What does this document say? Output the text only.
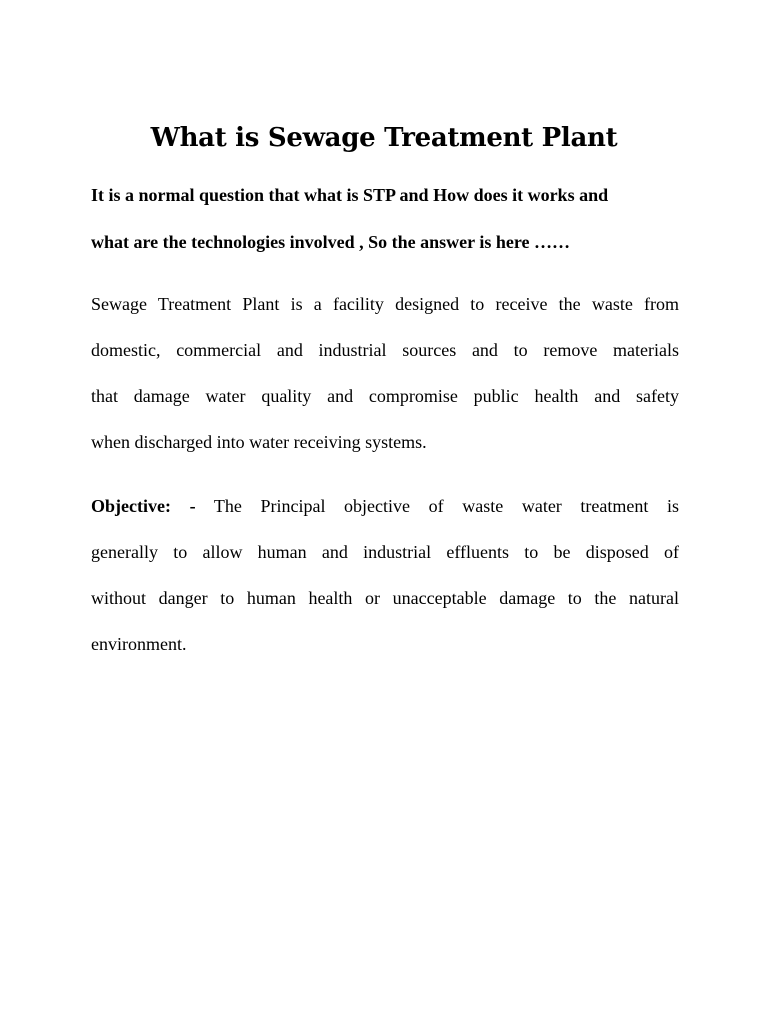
What is Sewage Treatment Plant

It is a normal question that what is STP and How does it works and
what are the technologies involved , So the answer is here ……

Sewage Treatment Plant is a facility designed to receive the waste from
domestic, commercial and industrial sources and to remove materials
that damage water quality and compromise public health and safety
when discharged into water receiving systems.

Objective: - The Principal objective of waste water treatment is
generally to allow human and industrial effluents to be disposed of
without danger to human health or unacceptable damage to the natural
environment.
